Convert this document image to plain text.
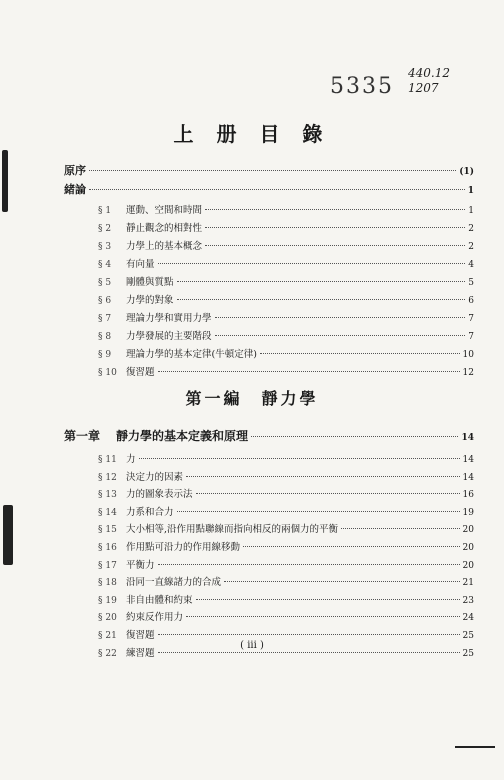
5335
440.12
1207
上 册 目 錄
原序	(1)
緒論	1
§ 1	運動、空間和時間	1
§ 2	靜止觀念的相對性	2
§ 3	力學上的基本概念	2
§ 4	有向量	4
§ 5	剛體與質點	5
§ 6	力學的對象	6
§ 7	理論力學和實用力學	7
§ 8	力學發展的主要階段	7
§ 9	理論力學的基本定律(牛頓定律)	10
§ 10 復習題	12
第一章	靜力學的基本定義和原理	14
§ 11 力	14
§ 12 決定力的因素	14
§ 13 力的圖象表示法	16
§ 14 力系和合力	19
§ 15 大小相等,沿作用點聯線而指向相反的兩個力的平衡	20
§ 16 作用點可沿力的作用線移動	20
§ 17 平衡力	20
§ 18 沿同一直線諸力的合成	21
§ 19 非自由體和約束	23
§ 20 約束反作用力	24
§ 21 復習題	25
§ 22 練習題	25
第一編　靜力學
( iii )
